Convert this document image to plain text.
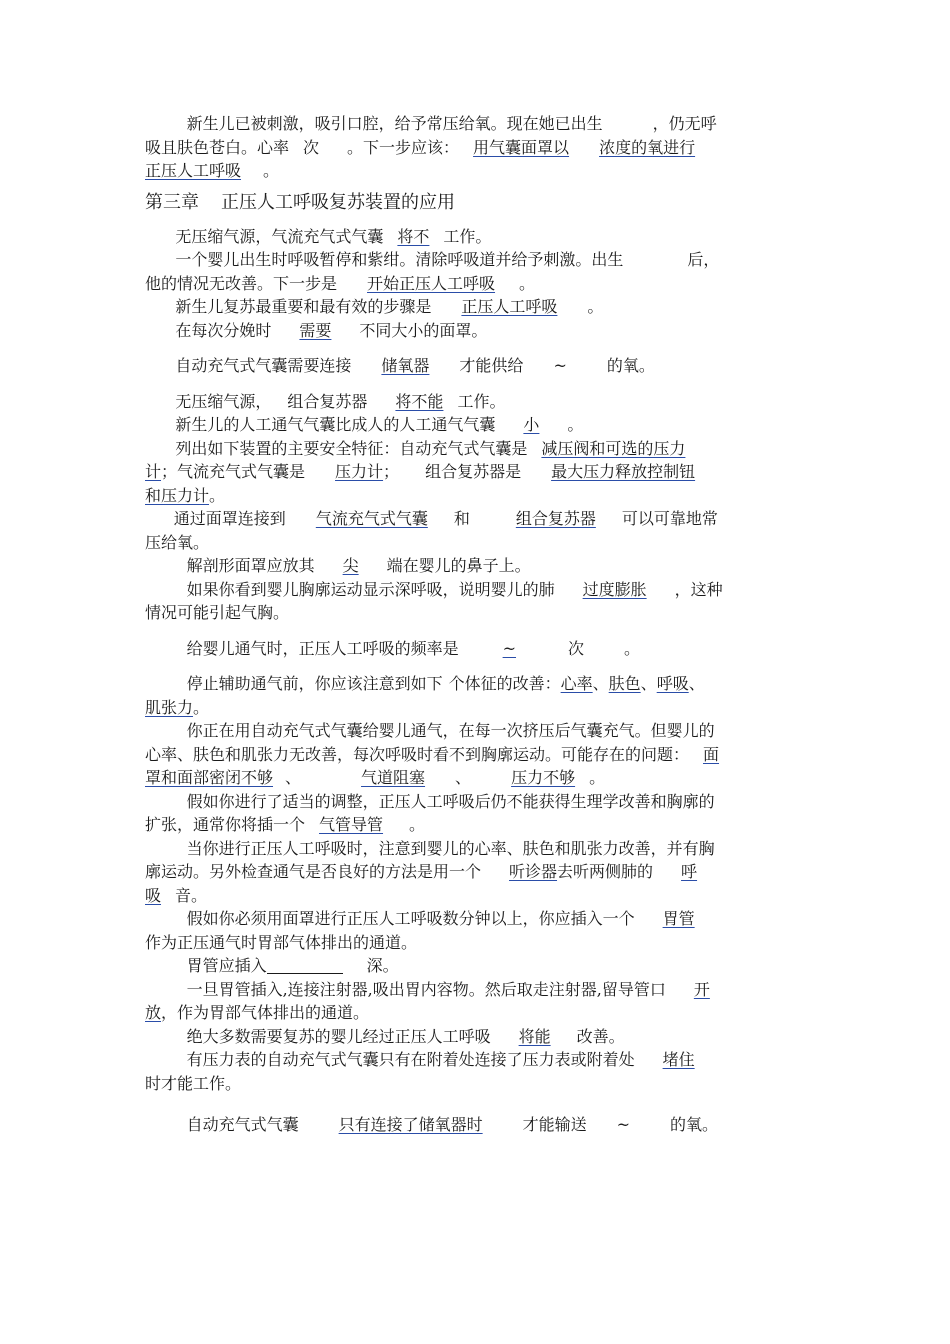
新生儿已被刺激，吸引口腔，给予常压给氧。现在她已出生	，仍无呼

吸且肤色苍白。心率 次 。下一步应该： 用气囊面罩以 浓度的氧进行

正压人工呼吸 。

第三章 正压人工呼吸复苏装置的应用

无压缩气源，气流充气式气囊 将不 工作。

一个婴儿出生时呼吸暂停和紫绀。清除呼吸道并给予刺激。出生	后，

他的情况无改善。下一步是 开始正压人工呼吸 。

新生儿复苏最重要和最有效的步骤是 正压人工呼吸 。

在每次分娩时 需要 不同大小的面罩。

自动充气式气囊需要连接 储氧器 才能供给 ~	的氧。

无压缩气源， 组合复苏器 将不能 工作。

新生儿的人工通气气囊比成人的人工通气气囊 小 。

列出如下装置的主要安全特征：自动充气式气囊是 减压阀和可选的压力

计；气流充气式气囊是 压力计； 组合复苏器是 最大压力释放控制钮

和压力计。

通过面罩连接到 气流充气式气囊 和	组合复苏器 可以可靠地常

压给氧。

解剖形面罩应放其 尖 端在婴儿的鼻子上。

如果你看到婴儿胸廓运动显示深呼吸，说明婴儿的肺 过度膨胀 ，这种

情况可能引起气胸。

给婴儿通气时，正压人工呼吸的频率是	~	次	。

停止辅助通气前，你应该注意到如下 个体征的改善：心率、肤色、呼吸、

肌张力。

你正在用自动充气式气囊给婴儿通气，在每一次挤压后气囊充气。但婴儿的

心率、肤色和肌张力无改善，每次呼吸时看不到胸廓运动。可能存在的问题： 面

罩和面部密闭不够 、	气道阻塞 、	压力不够 。

假如你进行了适当的调整，正压人工呼吸后仍不能获得生理学改善和胸廓的

扩张，通常你将插一个 气管导管 。

当你进行正压人工呼吸时，注意到婴儿的心率、肤色和肌张力改善，并有胸

廓运动。另外检查通气是否良好的方法是用一个 听诊器去听两侧肺的 呼

吸 音。

假如你必须用面罩进行正压人工呼吸数分钟以上，你应插入一个 胃管

作为正压通气时胃部气体排出的通道。

胃管应插入	深。

一旦胃管插入,连接注射器,吸出胃内容物。然后取走注射器,留导管口 开

放，作为胃部气体排出的通道。

绝大多数需要复苏的婴儿经过正压人工呼吸 将能 改善。

有压力表的自动充气式气囊只有在附着处连接了压力表或附着处 堵住

时才能工作。

自动充气式气囊	只有连接了储氧器时	才能输送 ~	的氧。
